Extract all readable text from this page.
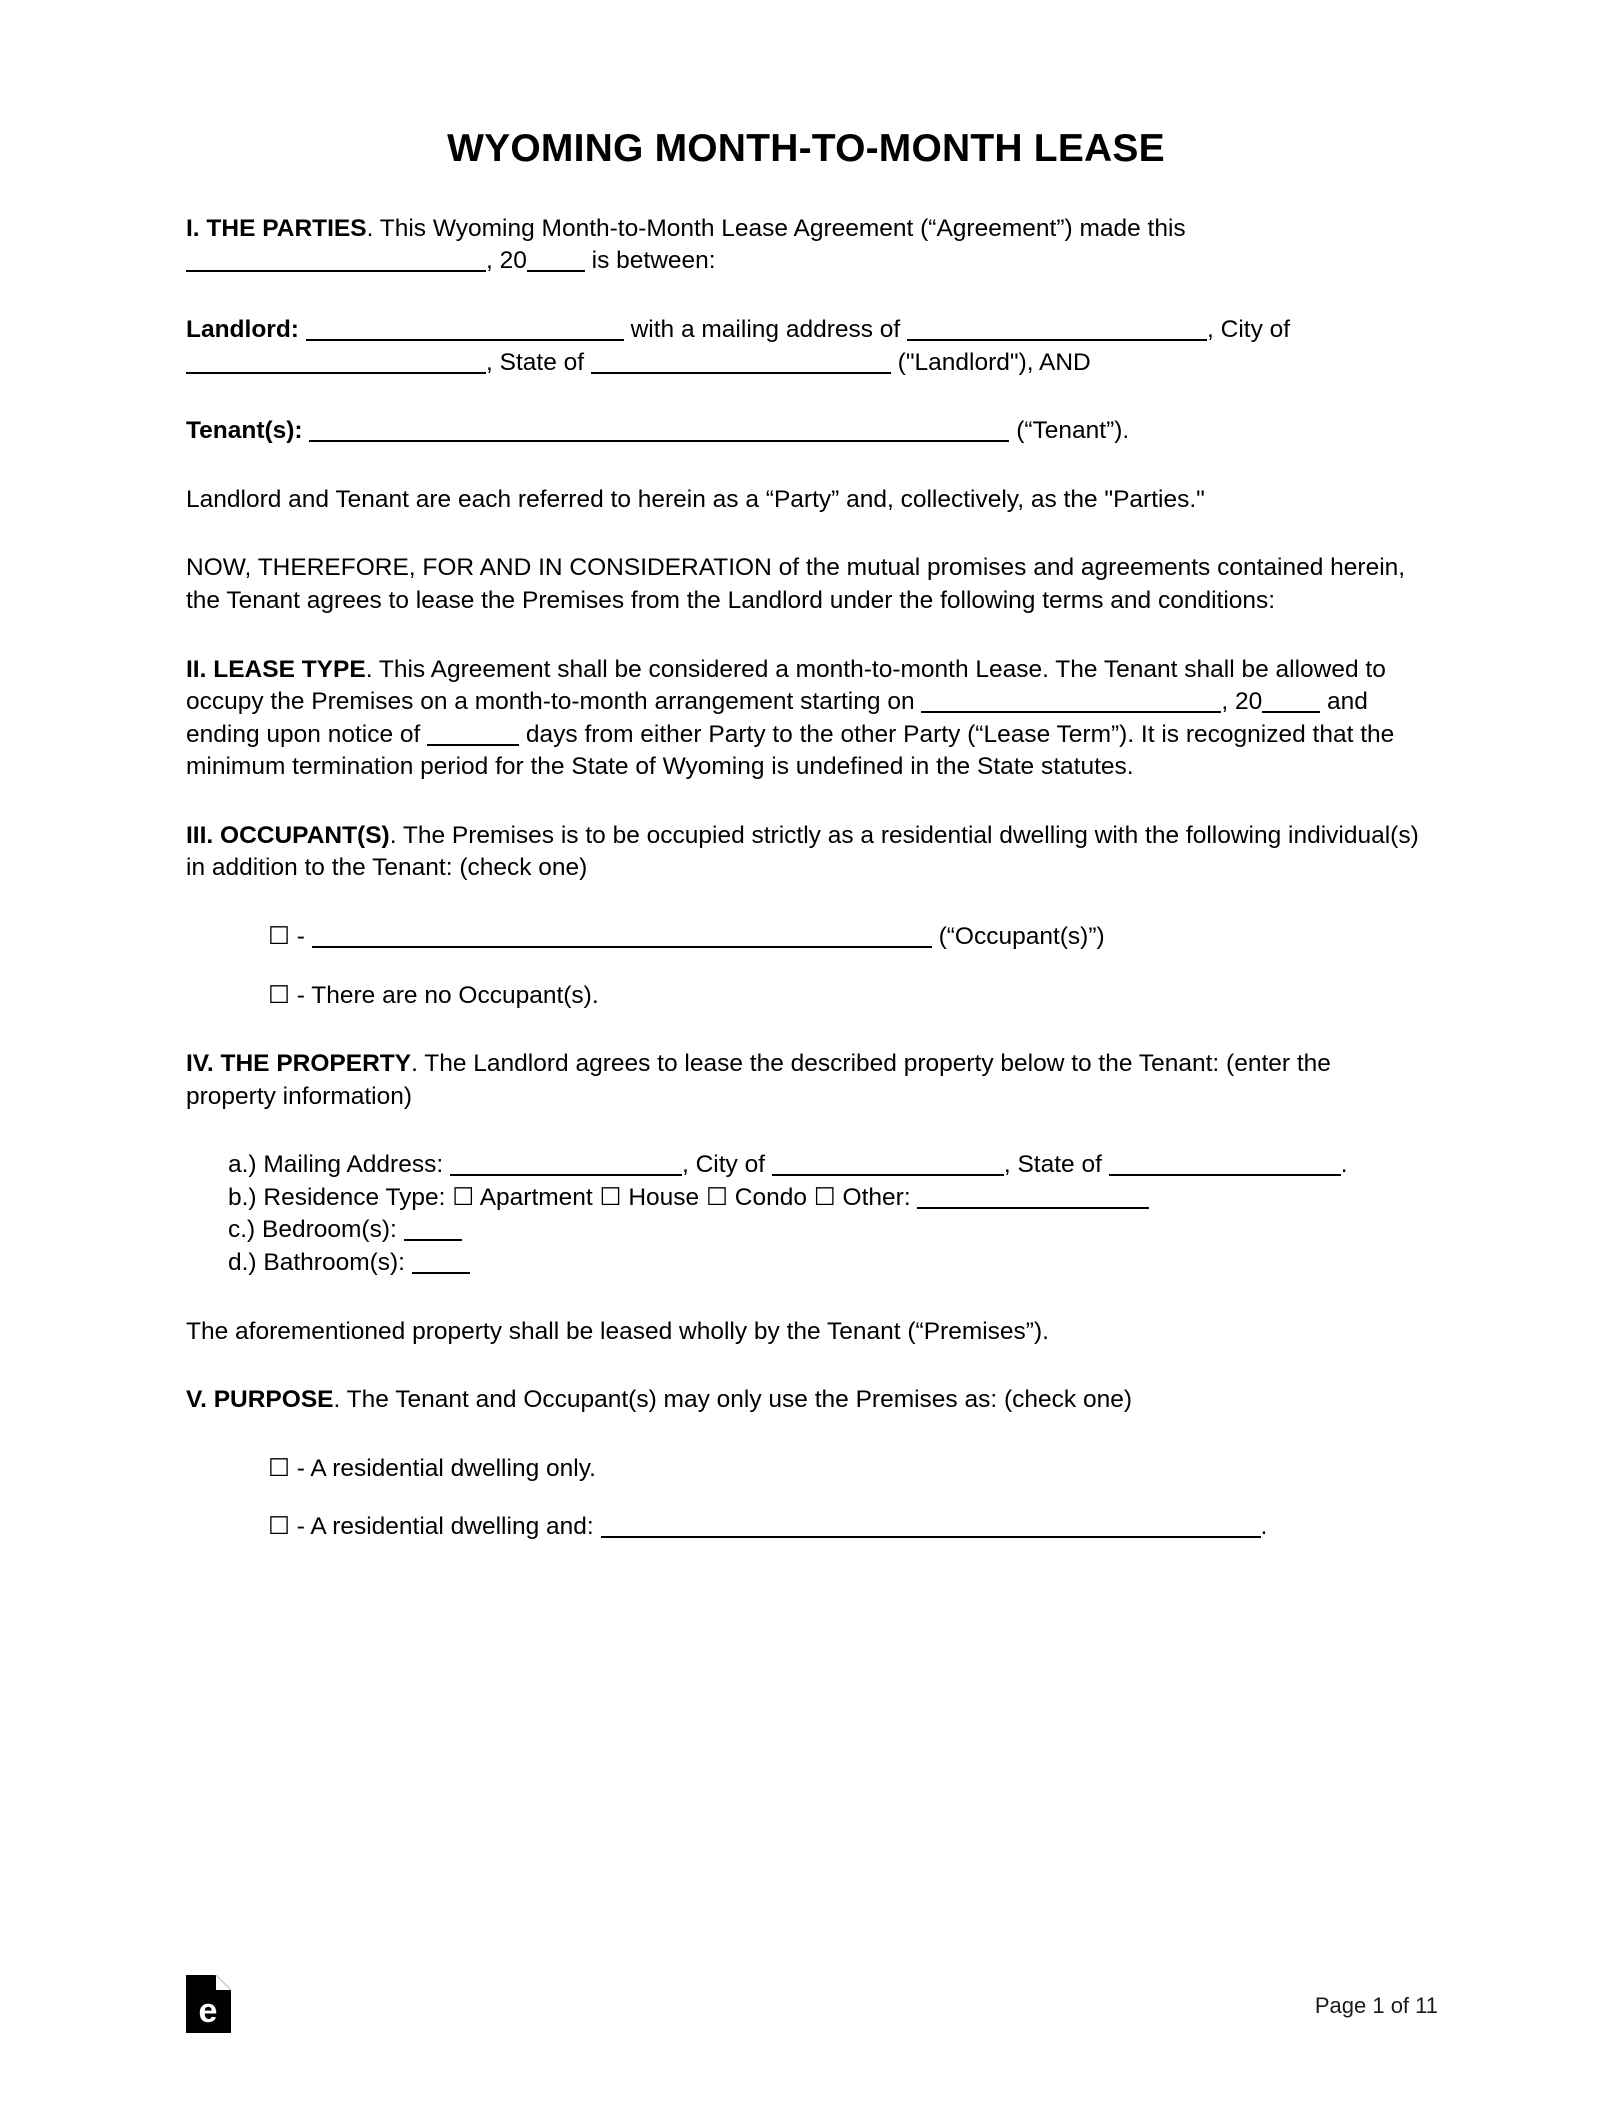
WYOMING MONTH-TO-MONTH LEASE

I. THE PARTIES. This Wyoming Month-to-Month Lease Agreement (“Agreement”) made this , 20 is between:

Landlord:	with a mailing address of	, City of , State of	("Landlord"), AND

Tenant(s):	(“Tenant”).

Landlord and Tenant are each referred to herein as a “Party” and, collectively, as the "Parties."

NOW, THEREFORE, FOR AND IN CONSIDERATION of the mutual promises and agreements contained herein, the Tenant agrees to lease the Premises from the Landlord under the following terms and conditions:

II. LEASE TYPE. This Agreement shall be considered a month-to-month Lease. The Tenant shall be allowed to occupy the Premises on a month-to-month arrangement starting on	, 20 and ending upon notice of	days from either Party to the other Party (“Lease Term”). It is recognized that the minimum termination period for the State of Wyoming is undefined in the State statutes.

III. OCCUPANT(S). The Premises is to be occupied strictly as a residential dwelling with the following individual(s) in addition to the Tenant: (check one)

☐ -	(“Occupant(s)”)

☐ - There are no Occupant(s).

IV. THE PROPERTY. The Landlord agrees to lease the described property below to the Tenant: (enter the property information)

a.) Mailing Address:	, City of	, State of	.

b.) Residence Type: ☐ Apartment ☐ House ☐ Condo ☐ Other:

c.) Bedroom(s):

d.) Bathroom(s):

The aforementioned property shall be leased wholly by the Tenant (“Premises”).

V. PURPOSE. The Tenant and Occupant(s) may only use the Premises as: (check one)

☐ - A residential dwelling only.

☐ - A residential dwelling and:	.

e	Page 1 of 11
